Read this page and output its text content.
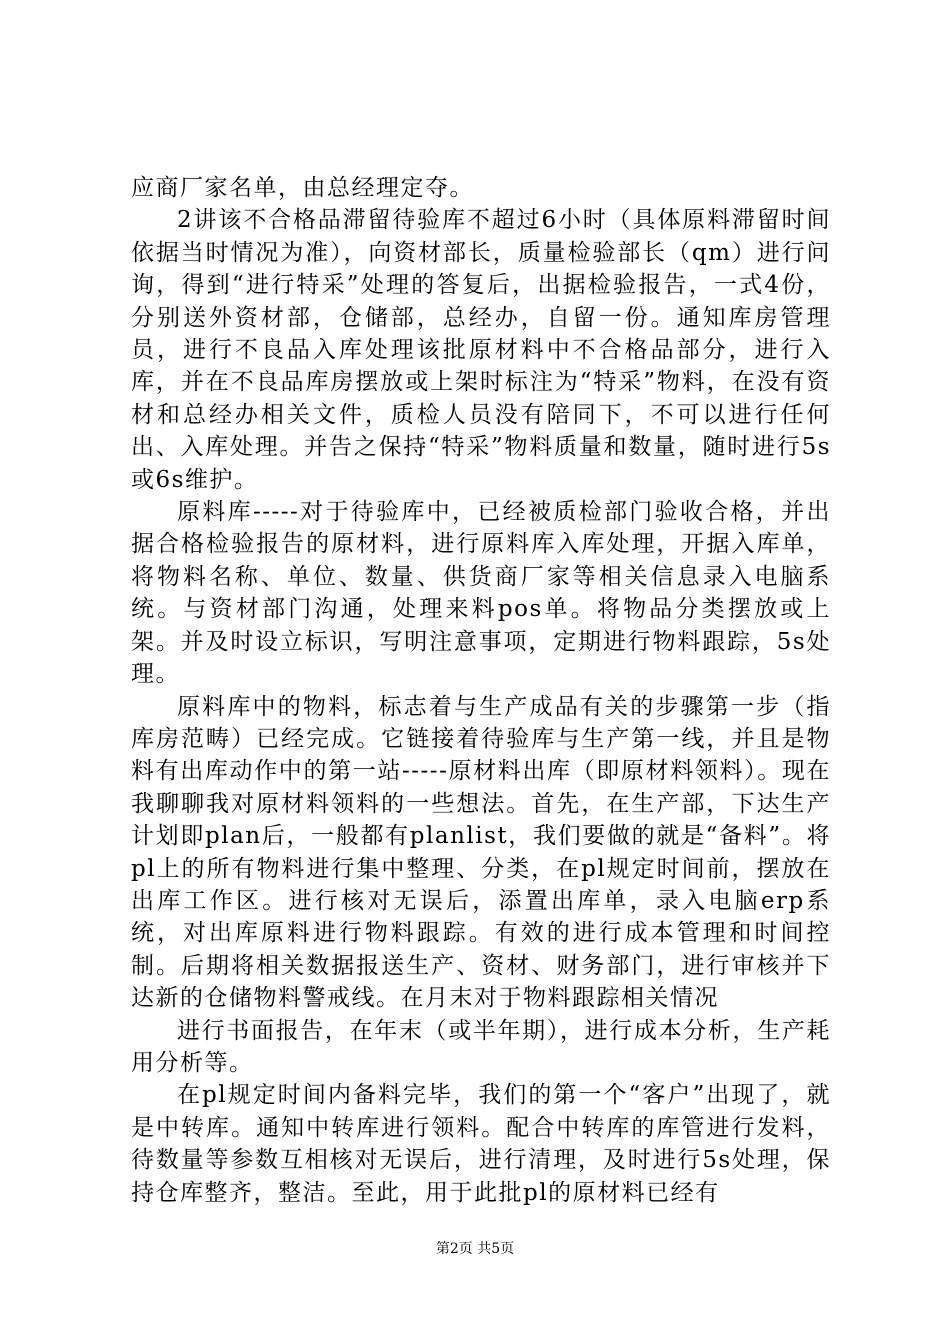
应商厂家名单，由总经理定夺。

2讲该不合格品滞留待验库不超过6小时（具体原料滞留时间依据当时情况为准），向资材部长，质量检验部长（qm）进行问询，得到“进行特采”处理的答复后，出据检验报告，一式4份，分别送外资材部，仓储部，总经办，自留一份。通知库房管理员，进行不良品入库处理该批原材料中不合格品部分，进行入库，并在不良品库房摆放或上架时标注为“特采”物料，在没有资材和总经办相关文件，质检人员没有陪同下，不可以进行任何出、入库处理。并告之保持“特采”物料质量和数量，随时进行5s或6s维护。

原料库-----对于待验库中，已经被质检部门验收合格，并出据合格检验报告的原材料，进行原料库入库处理，开据入库单，将物料名称、单位、数量、供货商厂家等相关信息录入电脑系统。与资材部门沟通，处理来料pos单。将物品分类摆放或上架。并及时设立标识，写明注意事项，定期进行物料跟踪，5s处理。

原料库中的物料，标志着与生产成品有关的步骤第一步（指库房范畴）已经完成。它链接着待验库与生产第一线，并且是物料有出库动作中的第一站-----原材料出库（即原材料领料）。现在我聊聊我对原材料领料的一些想法。首先，在生产部，下达生产计划即plan后，一般都有planlist，我们要做的就是“备料”。将pl上的所有物料进行集中整理、分类，在pl规定时间前，摆放在出库工作区。进行核对无误后，添置出库单，录入电脑erp系统，对出库原料进行物料跟踪。有效的进行成本管理和时间控制。后期将相关数据报送生产、资材、财务部门，进行审核并下达新的仓储物料警戒线。在月末对于物料跟踪相关情况

进行书面报告，在年末（或半年期），进行成本分析，生产耗用分析等。

在pl规定时间内备料完毕，我们的第一个“客户”出现了，就是中转库。通知中转库进行领料。配合中转库的库管进行发料，待数量等参数互相核对无误后，进行清理，及时进行5s处理，保持仓库整齐，整洁。至此，用于此批pl的原材料已经有

第2页 共5页
